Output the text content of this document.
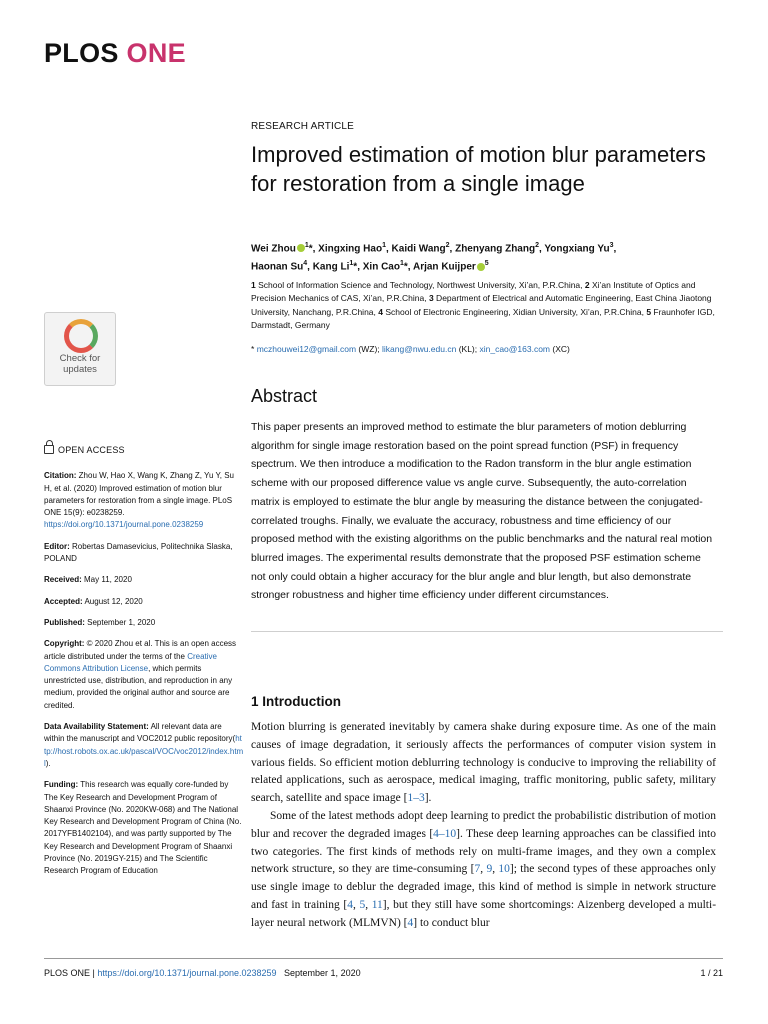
PLOS ONE
RESEARCH ARTICLE
Improved estimation of motion blur parameters for restoration from a single image
Wei Zhou $^1$*, Xingxing Hao$^1$, Kaidi Wang$^2$, Zhenyang Zhang$^2$, Yongxiang Yu$^3$,
Haonan Su$^4$, Kang Li$^1$*, Xin Cao$^1$*, Arjan Kuijper $^5$
1 School of Information Science and Technology, Northwest University, Xi’an, P.R.China, 2 Xi’an Institute of Optics and Precision Mechanics of CAS, Xi’an, P.R.China, 3 Department of Electrical and Automatic Engineering, East China Jiaotong University, Nanchang, P.R.China, 4 School of Electronic Engineering, Xidian University, Xi’an, P.R.China, 5 Fraunhofer IGD, Darmstadt, Germany
* mczhouwei12@gmail.com (WZ); likang@nwu.edu.cn (KL); xin_cao@163.com (XC)
Check for
updates
Abstract
This paper presents an improved method to estimate the blur parameters of motion deblurring algorithm for single image restoration based on the point spread function (PSF) in frequency spectrum. We then introduce a modification to the Radon transform in the blur angle estimation scheme with our proposed difference value vs angle curve. Subsequently, the auto-correlation matrix is employed to estimate the blur angle by measuring the distance between the conjugated-correlated troughs. Finally, we evaluate the accuracy, robustness and time efficiency of our proposed method with the existing algorithms on the public benchmarks and the natural real motion blurred images. The experimental results demonstrate that the proposed PSF estimation scheme not only could obtain a higher accuracy for the blur angle and blur length, but also demonstrate stronger robustness and higher time efficiency under different circumstances.

OPEN ACCESS

Citation: Zhou W, Hao X, Wang K, Zhang Z, Yu Y, Su H, et al. (2020) Improved estimation of motion blur parameters for restoration from a single image. PLoS ONE 15(9): e0238259. https://doi.org/10.1371/journal.pone.0238259

Editor: Robertas Damasevicius, Politechnika Slaska, POLAND

Received: May 11, 2020

Accepted: August 12, 2020

Published: September 1, 2020

Copyright: © 2020 Zhou et al. This is an open access article distributed under the terms of the Creative Commons Attribution License, which permits unrestricted use, distribution, and reproduction in any medium, provided the original author and source are credited.

Data Availability Statement: All relevant data are within the manuscript and VOC2012 public repository(http://host.robots.ox.ac.uk/pascal/VOC/voc2012/index.html).

Funding: This research was equally core-funded by The Key Research and Development Program of Shaanxi Province (No. 2020KW-068) and The National Key Research and Development Program of China (No. 2017YFB1402104), and was partly supported by The Key Research and Development Program of Shaanxi Province (No. 2019GY-215) and The Scientific Research Program of Education

1 Introduction

Motion blurring is generated inevitably by camera shake during exposure time. As one of the main causes of image degradation, it seriously affects the performances of computer vision system in various fields. So efficient motion deblurring technology is conducive to improving the reliability of related applications, such as aerospace, medical imaging, traffic monitoring, public safety, military search, satellite and space image [1–3].

Some of the latest methods adopt deep learning to predict the probabilistic distribution of motion blur and recover the degraded images [4–10]. These deep learning approaches can be classified into two categories. The first kinds of methods rely on multi-frame images, and they own a complex network structure, so they are time-consuming [7, 9, 10]; the second types of these approaches only use single image to deblur the degraded image, this kind of method is simple in network structure and fast in training [4, 5, 11], but they still have some shortcomings: Aizenberg developed a multi-layer neural network (MLMVN) [4] to conduct blur

PLOS ONE | https://doi.org/10.1371/journal.pone.0238259 September 1, 2020	1 / 21
